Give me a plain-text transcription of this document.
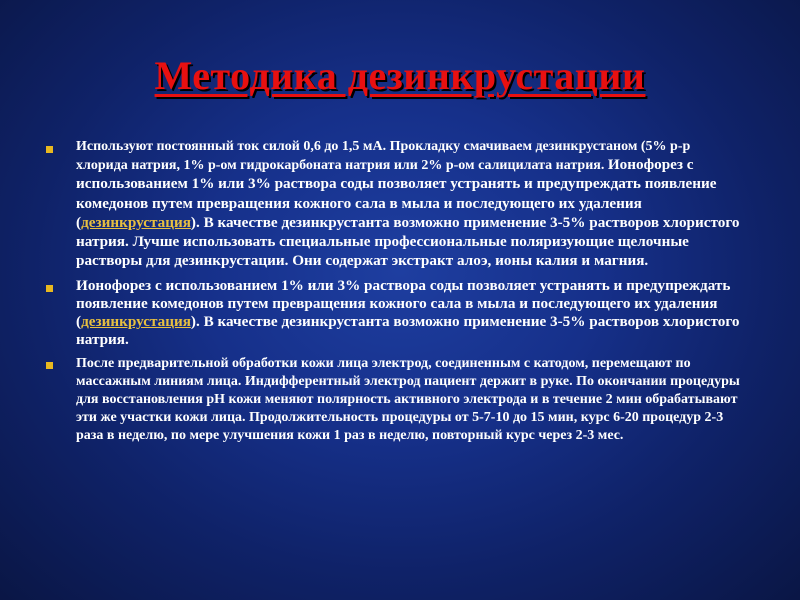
Методика дезинкрустации
Используют постоянный ток силой 0,6 до 1,5 мА. Прокладку смачиваем дезинкрустаном (5% р-р хлорида натрия, 1% р-ом гидрокарбоната натрия или 2% р-ом салицилата натрия. Ионофорез с использованием 1% или 3% раствора соды позволяет устранять и предупреждать появление комедонов путем превращения кожного сала в мыла и последующего их удаления (дезинкрустация). В качестве дезинкрустанта возможно применение 3-5% растворов хлористого натрия. Лучше использовать специальные профессиональные поляризующие щелочные растворы для дезинкрустации. Они содержат экстракт алоэ, ионы калия и магния.
Ионофорез с использованием 1% или 3% раствора соды позволяет устранять и предупреждать появление комедонов путем превращения кожного сала в мыла и последующего их удаления (дезинкрустация). В качестве дезинкрустанта возможно применение 3-5% растворов хлористого натрия.
После предварительной обработки кожи лица электрод, соединенным с катодом, перемещают по массажным линиям лица. Индифферентный электрод пациент держит в руке. По окончании процедуры для восстановления рН кожи меняют полярность активного электрода и в течение 2 мин обрабатывают эти же участки кожи лица. Продолжительность процедуры от 5-7-10 до 15 мин, курс 6-20 процедур 2-3 раза в неделю, по мере улучшения кожи 1 раз в неделю, повторный курс через 2-3 мес.
